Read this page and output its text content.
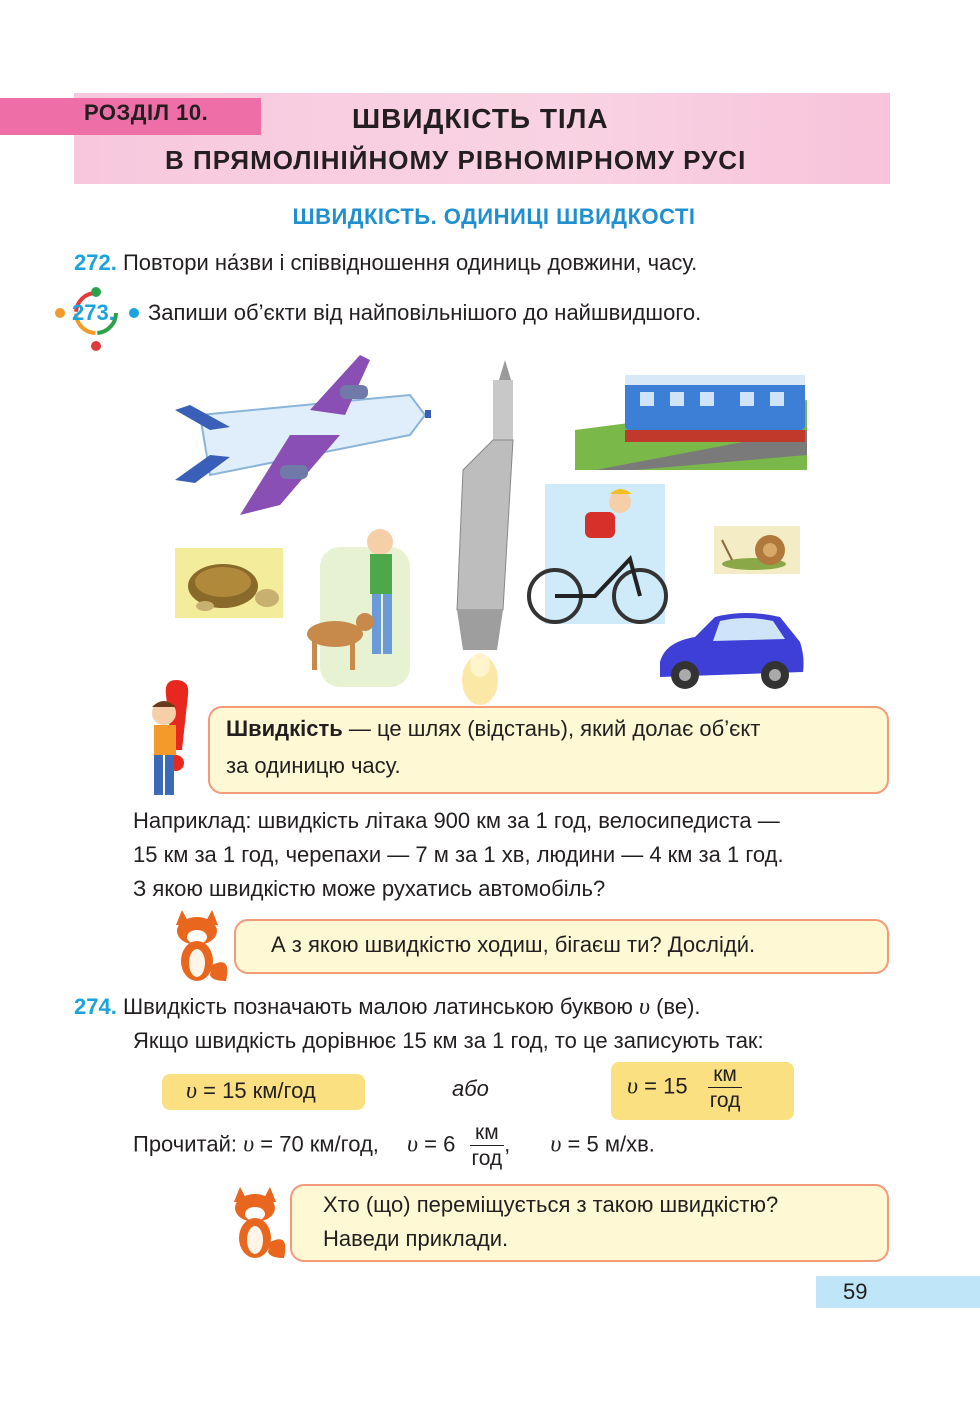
РОЗДІЛ 10.	ШВИДКІСТЬ ТІЛА
В ПРЯМОЛІНІЙНОМУ РІВНОМІРНОМУ РУСІ
ШВИДКІСТЬ. ОДИНИЦІ ШВИДКОСТІ
272. Повтори на́зви і співвідношення одиниць довжини, часу.
273. Запиши об’єкти від найповільнішого до найшвидшого.
Швидкість — це шлях (відстань), який долає об’єкт
за одиницю часу.
Наприклад: швидкість літака 900 км за 1 год, велосипедиста —
15 км за 1 год, черепахи — 7 м за 1 хв, людини — 4 км за 1 год.
З якою швидкістю може рухатись автомобіль?
А з якою швидкістю ходиш, бігаєш ти? Досліди́.
274. Швидкість позначають малою латинською буквою υ (ве).
Якщо швидкість дорівнює 15 км за 1 год, то це записують так:
υ = 15 км/год	або	$\upsilon = 15 \frac{км}{\text{год}}$
Прочитай: υ = 70 км/год, $\upsilon = 6 \frac{км}{\text{год}}$ , υ = 5 м/хв.
Хто (що) переміщується з такою швидкістю?
Наведи приклади.
59
